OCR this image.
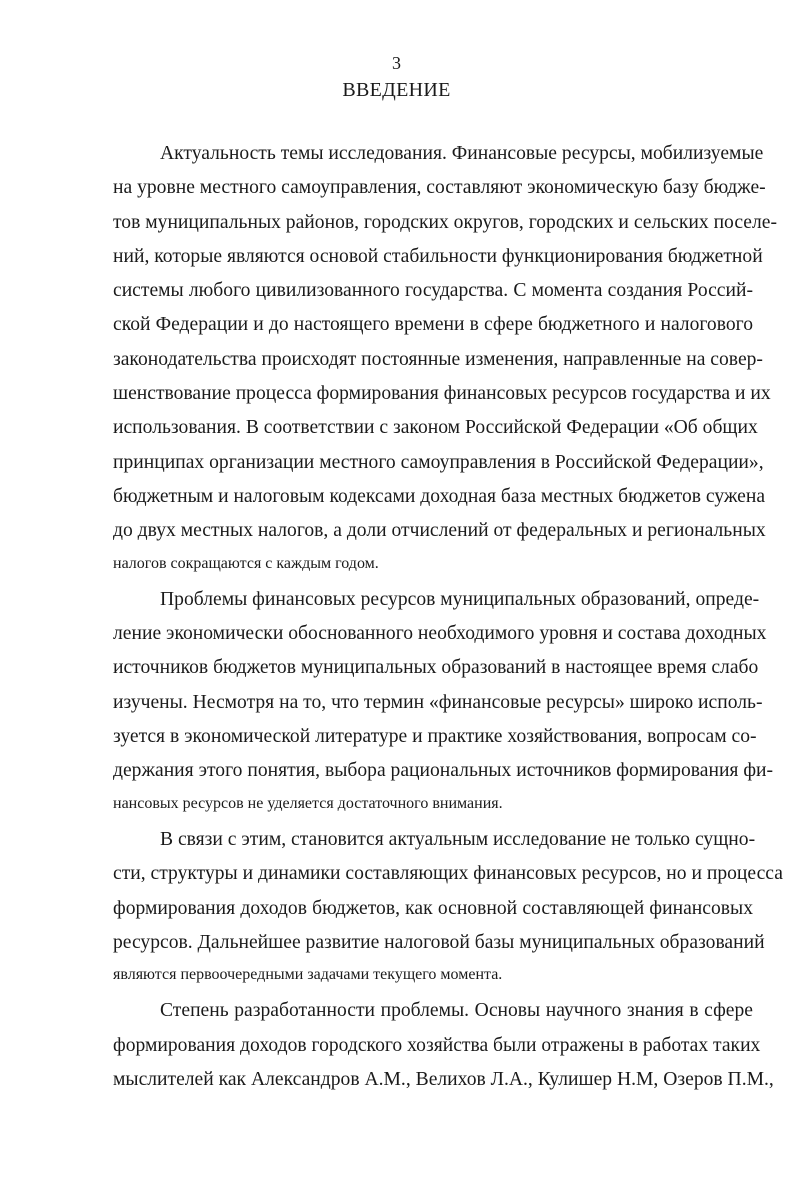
3
ВВЕДЕНИЕ
Актуальность темы исследования. Финансовые ресурсы, мобилизуемые
на уровне местного самоуправления, составляют экономическую базу бюдже-
тов муниципальных районов, городских округов, городских и сельских поселе-
ний, которые являются основой стабильности функционирования бюджетной
системы любого цивилизованного государства. С момента создания Россий-
ской Федерации и до настоящего времени в сфере бюджетного и налогового
законодательства происходят постоянные изменения, направленные на совер-
шенствование процесса формирования финансовых ресурсов государства и их
использования. В соответствии с законом Российской Федерации «Об общих
принципах организации местного самоуправления в Российской Федерации»,
бюджетным и налоговым кодексами доходная база местных бюджетов сужена
до двух местных налогов, а доли отчислений от федеральных и региональных
налогов сокращаются с каждым годом.
Проблемы финансовых ресурсов муниципальных образований, опреде-
ление экономически обоснованного необходимого уровня и состава доходных
источников бюджетов муниципальных образований в настоящее время слабо
изучены. Несмотря на то, что термин «финансовые ресурсы» широко исполь-
зуется в экономической литературе и практике хозяйствования, вопросам со-
держания этого понятия, выбора рациональных источников формирования фи-
нансовых ресурсов не уделяется достаточного внимания.
В связи с этим, становится актуальным исследование не только сущно-
сти, структуры и динамики составляющих финансовых ресурсов, но и процесса
формирования доходов бюджетов, как основной составляющей финансовых
ресурсов. Дальнейшее развитие налоговой базы муниципальных образований
являются первоочередными задачами текущего момента.
Степень разработанности проблемы. Основы научного знания в сфере
формирования доходов городского хозяйства были отражены в работах таких
мыслителей как Александров А.М., Велихов Л.А., Кулишер Н.М, Озеров П.М.,
